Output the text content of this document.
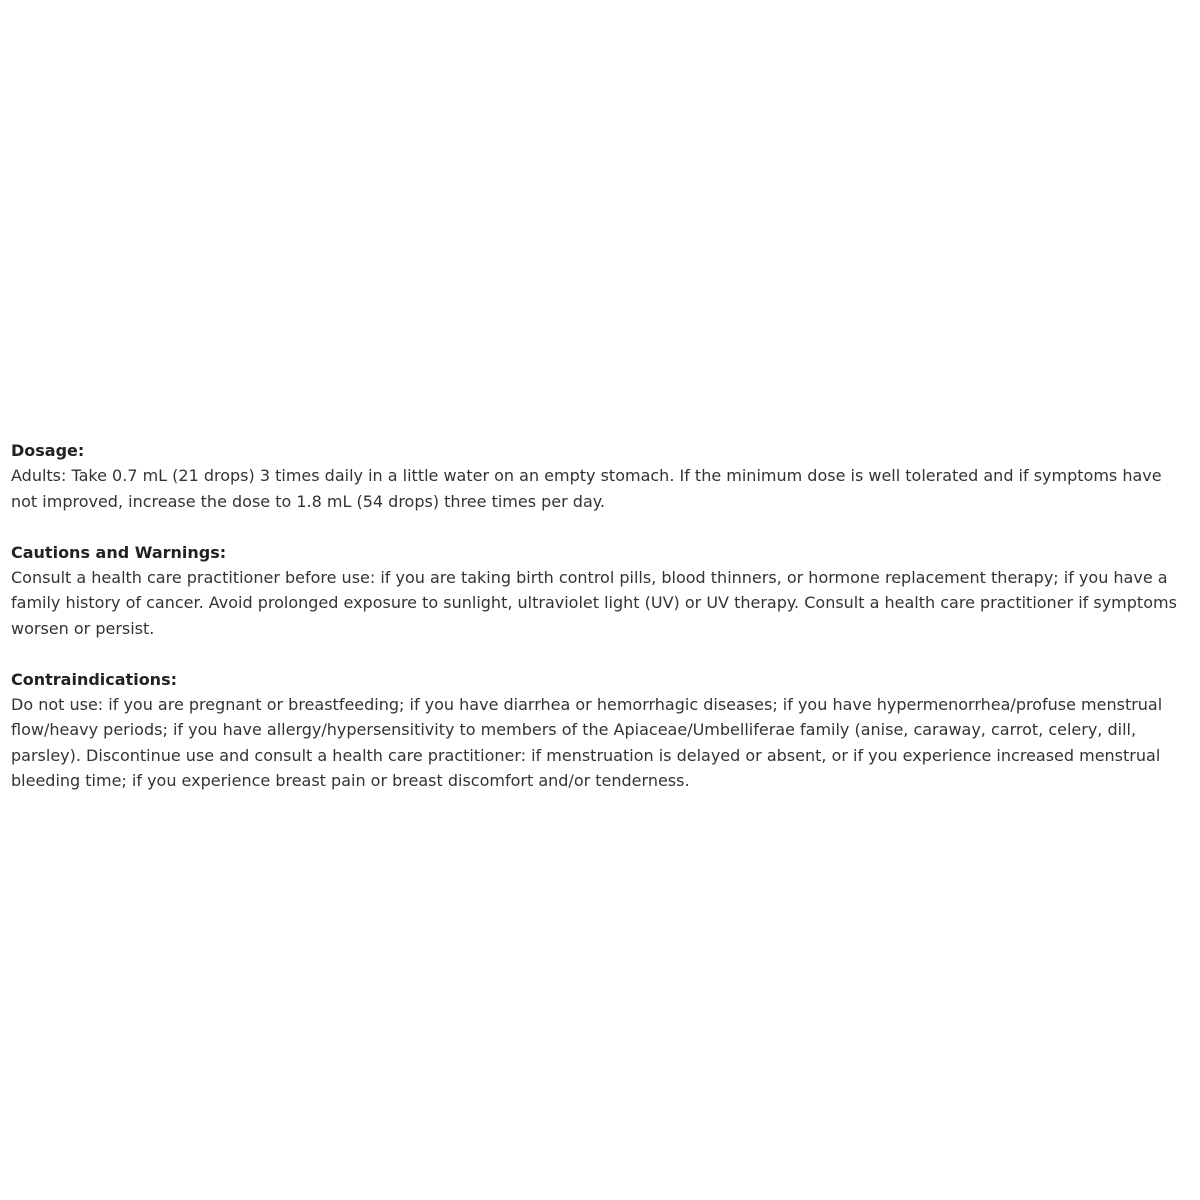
Dosage:
Adults: Take 0.7 mL (21 drops) 3 times daily in a little water on an empty stomach. If the minimum dose is well tolerated and if symptoms have not improved, increase the dose to 1.8 mL (54 drops) three times per day.
Cautions and Warnings:
Consult a health care practitioner before use: if you are taking birth control pills, blood thinners, or hormone replacement therapy; if you have a family history of cancer. Avoid prolonged exposure to sunlight, ultraviolet light (UV) or UV therapy. Consult a health care practitioner if symptoms worsen or persist.
Contraindications:
Do not use: if you are pregnant or breastfeeding; if you have diarrhea or hemorrhagic diseases; if you have hypermenorrhea/profuse menstrual flow/heavy periods; if you have allergy/hypersensitivity to members of the Apiaceae/Umbelliferae family (anise, caraway, carrot, celery, dill, parsley). Discontinue use and consult a health care practitioner: if menstruation is delayed or absent, or if you experience increased menstrual bleeding time; if you experience breast pain or breast discomfort and/or tenderness.
